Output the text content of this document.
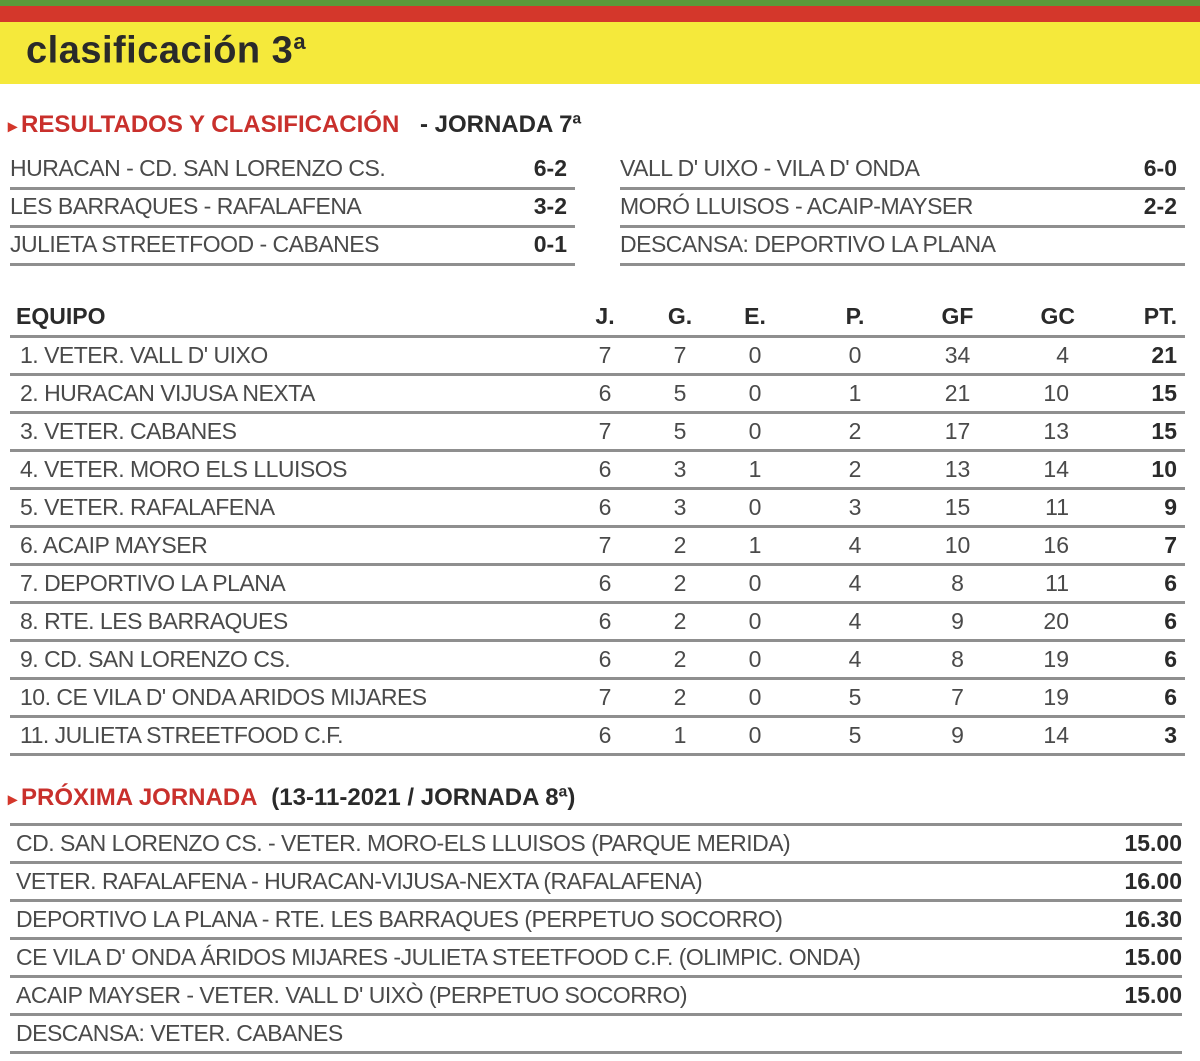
clasificación 3$^a$
▸ RESULTADOS Y CLASIFICACIÓN - JORNADA 7ª
HURACAN - CD. SAN LORENZO CS.	6-2
LES BARRAQUES - RAFALAFENA	3-2
JULIETA STREETFOOD - CABANES	0-1
VALL D' UIXO - VILA D' ONDA	6-0
MORÓ LLUISOS - ACAIP-MAYSER	2-2
DESCANSA: DEPORTIVO LA PLANA
EQUIPO	J.	G.	E.	P.	GF	GC	PT.
1. VETER. VALL D' UIXO	7	7	0	0	34	4	21
2. HURACAN VIJUSA NEXTA	6	5	0	1	21	10	15
3. VETER. CABANES	7	5	0	2	17	13	15
4. VETER. MORO ELS LLUISOS	6	3	1	2	13	14	10
5. VETER. RAFALAFENA	6	3	0	3	15	11	9
6. ACAIP MAYSER	7	2	1	4	10	16	7
7. DEPORTIVO LA PLANA	6	2	0	4	8	11	6
8. RTE. LES BARRAQUES	6	2	0	4	9	20	6
9. CD. SAN LORENZO CS.	6	2	0	4	8	19	6
10. CE VILA D' ONDA ARIDOS MIJARES	7	2	0	5	7	19	6
11. JULIETA STREETFOOD C.F.	6	1	0	5	9	14	3
▸ PRÓXIMA JORNADA (13-11-2021 / JORNADA 8ª)
CD. SAN LORENZO CS. - VETER. MORO-ELS LLUISOS (PARQUE MERIDA)	15.00
VETER. RAFALAFENA - HURACAN-VIJUSA-NEXTA (RAFALAFENA)	16.00
DEPORTIVO LA PLANA - RTE. LES BARRAQUES (PERPETUO SOCORRO)	16.30
CE VILA D' ONDA ÁRIDOS MIJARES -JULIETA STEETFOOD C.F. (OLIMPIC. ONDA)	15.00
ACAIP MAYSER - VETER. VALL D' UIXÒ (PERPETUO SOCORRO)	15.00
DESCANSA: VETER. CABANES
